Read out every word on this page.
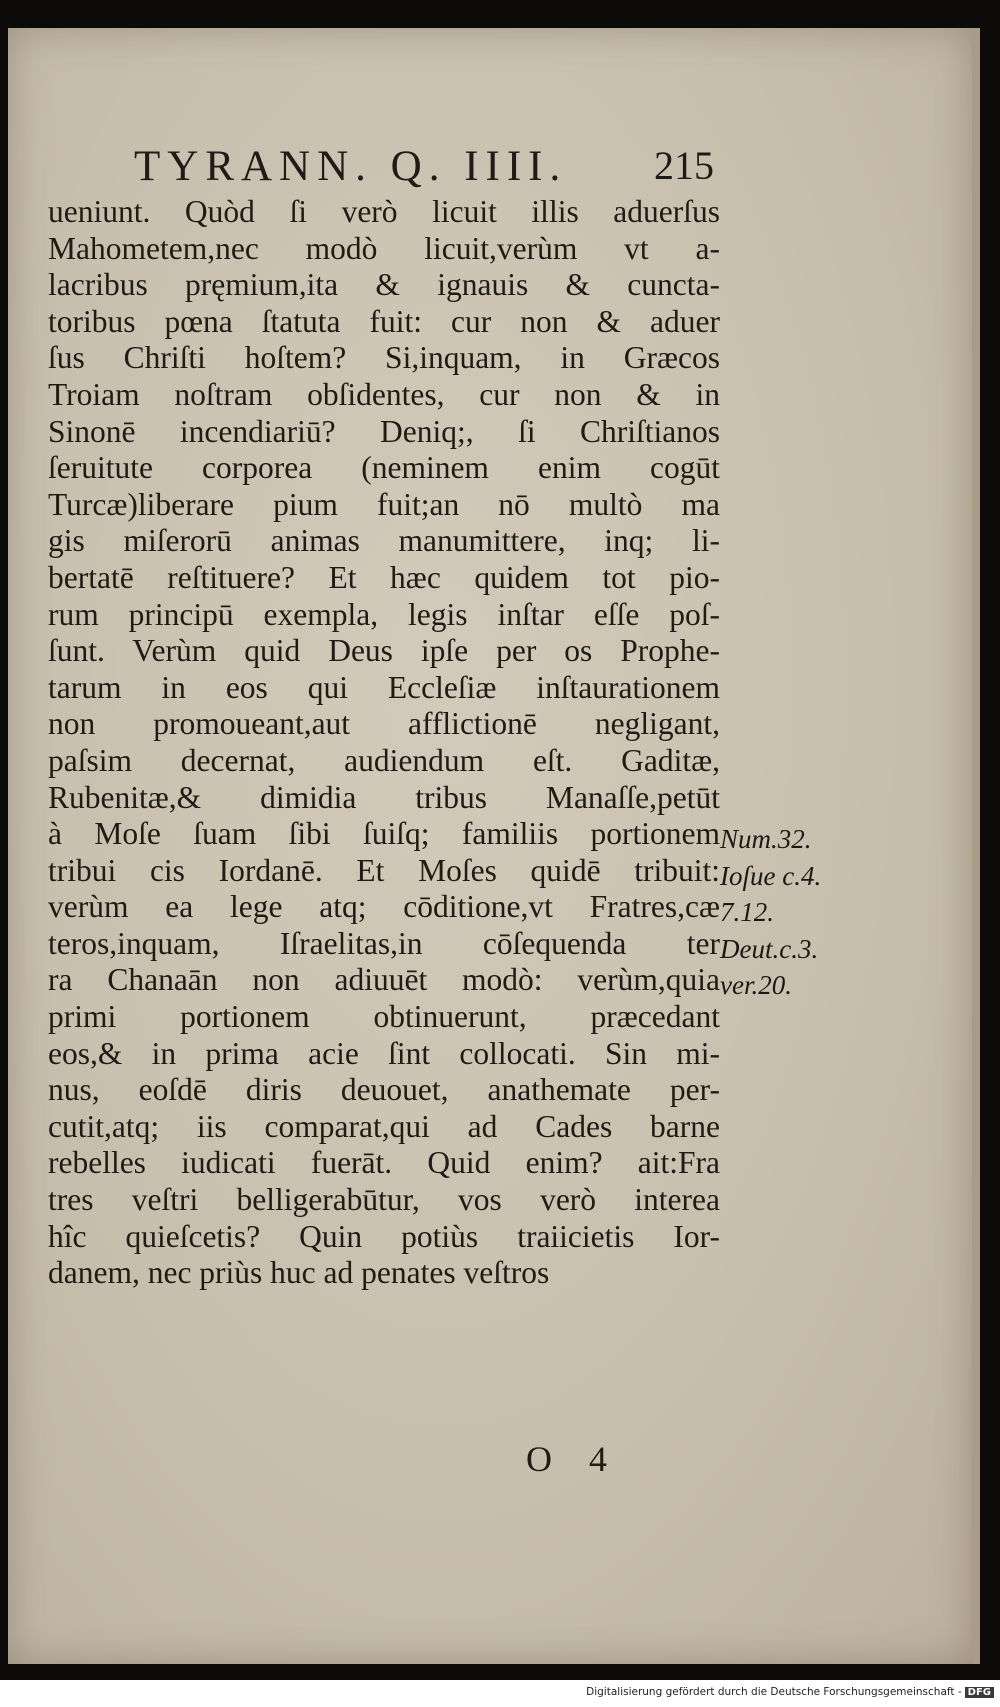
TYRANN. Q. IIII. 215
ueniunt. Quòd ſi verò licuit illis aduerſus
Mahometem,nec modò licuit,verùm vt a-
lacribus pręmium,ita & ignauis & cuncta-
toribus pœna ſtatuta fuit: cur non & aduer
ſus Chriſti hoſtem? Si,inquam, in Græcos
Troiam noſtram obſidentes, cur non & in
Sinonē incendiariū? Deniq;, ſi Chriſtianos
ſeruitute corporea (neminem enim cogūt
Turcæ)liberare pium fuit;an nō multò ma
gis miſerorū animas manumittere, inq; li-
bertatē reſtituere? Et hæc quidem tot pio-
rum principū exempla, legis inſtar eſſe poſ-
ſunt. Verùm quid Deus ipſe per os Prophe-
tarum in eos qui Eccleſiæ inſtaurationem
non promoueant,aut afflictionē negligant,
paſsim decernat, audiendum eſt. Gaditæ,
Rubenitæ,& dimidia tribus Manaſſe,petūt
à Moſe ſuam ſibi ſuiſq; familiis portionem
tribui cis Iordanē. Et Moſes quidē tribuit:
verùm ea lege atq; cōditione,vt Fratres,cæ
teros,inquam, Iſraelitas,in cōſequenda ter
ra Chanaān non adiuuēt modò: verùm,quia
primi portionem obtinuerunt, præcedant
eos,& in prima acie ſint collocati. Sin mi-
nus, eoſdē diris deuouet, anathemate per-
cutit,atq; iis comparat,qui ad Cades barne
rebelles iudicati fuerāt. Quid enim? ait:Fra
tres veſtri belligerabūtur, vos verò interea
hîc quieſcetis? Quin potiùs traiicietis Ior-
danem, nec priùs huc ad penates veſtros
Num.32.
Ioſue c.4.
7.12.
Deut.c.3.
ver.20.
O 4
Digitalisierung gefördert durch die Deutsche Forschungsgemeinschaft - DFG
